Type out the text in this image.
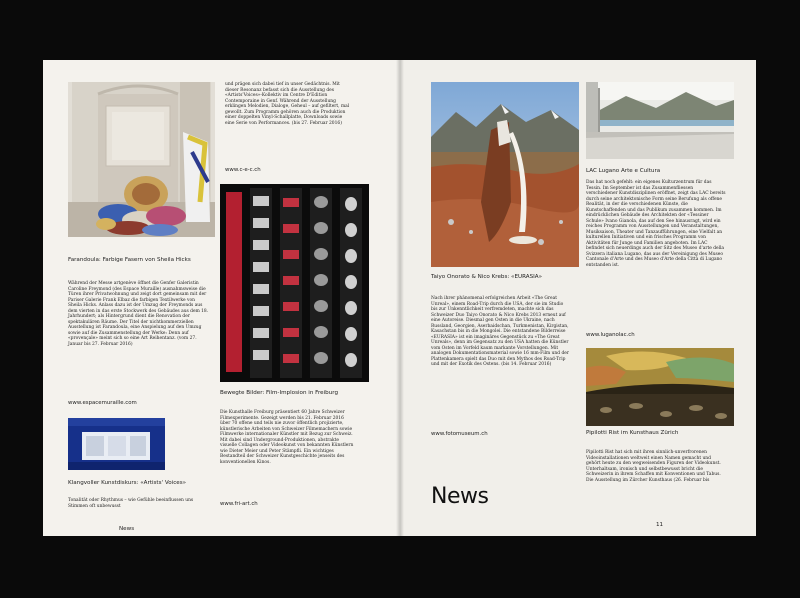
Farandoula: Farbige Fasern von Sheila Hicks
Während der Messe artgenève öffnet die Genfer Galeristin Caroline Freymond (des Espace Muraille) ausnahmsweise die Türen ihrer Privatwohnung und zeigt dort gemeinsam mit der Pariser Galerie Frank Elbaz die farbigen Textilwerke von Sheila Hicks. Anlass dazu ist der Umzug der Freymonds aus dem vierten in das erste Stockwerk des Gebäudes aus dem 18. Jahrhundert; als Hintergrund dient die Renovation der spektakulären Räume. Der Titel der nichtkommerziellen Ausstellung ist Farandoula, eine Anspielung auf den Umzug sowie auf die Zusammenstellung der Werke: Denn auf «provençale» meint sich so eine Art Reihentanz. (vom 27. Januar bis 27. Februar 2016)
www.espacemuraille.com
Klangvoller Kunstdiskurs: «Artists' Voices»
Tonalität oder Rhythmus – wie Gefühle beeinflussen uns Stimmen oft unbewusst
und prägen sich dabei tief in unser Gedächtnis. Mit dieser Resonanz befasst sich die Ausstellung des «Artists'Voices»-Kollektiv im Centre D'Edition Contemporaine in Genf. Während der Ausstellung erklingen Melodien, Dialoge, Geheul – auf gefiltert, mal gewollt. Zum Programm gehören auch die Produktion einer doppelten Vinyl-Schallplatte, Downloads sowie eine Serie von Performances. (bis 27. Februar 2016)
www.c-e-c.ch
Bewegte Bilder: Film-Implosion in Freiburg
Die Kunsthalle Freiburg präsentiert 60 Jahre Schweizer Filmexperimente. Gezeigt werden bis 21. Februar 2016 über 70 offene und teils nie zuvor öffentlich projizierte, künstlerische Arbeiten von Schweizer Filmemachern sowie Filmwerke internationaler Künstler mit Bezug zur Schweiz. Mit dabei sind Underground-Produktionen, abstrakte visuelle Collagen oder Videokunst von bekannten Künstlern wie Dieter Meier und Peter Stämpfli. Ein wichtiges Bestandteil der Schweizer Kunstgeschichte jenseits des konventionellen Kinos.
www.fri-art.ch
News
Taiyo Onorato & Nico Krebs: «EURASIA»
Nach ihrer phänomenal erfolgreichen Arbeit «The Great Unreal», einem Road-Trip durch die USA, der sie im Studio bis zur Unkenntlichkeit verfremdeten, machte sich das Schweizer Duo Taiyo Onorato & Nico Krebs 2013 erneut auf eine Autoreise. Diesmal gen Osten in die Ukraine, nach Russland, Georgien, Aserbaidschan, Turkmenistan, Kirgistan, Kasachstan bis in die Mongolei. Die entstandene Bilderreise «EURASIA» ist ein imaginäres Gegenstück zu «The Great Unreals», denn im Gegensatz zu den USA hatten die Künstler vom Osten im Vorfeld kaum markante Vorstellungen. Mit analogen Dokumentationsmaterial sowie 16 mm-Film und der Plattenkamera spielt das Duo mit den Mythos des Road-Trip und mit der Exotik des Ostens. (bis 14. Februar 2016)
www.fotomuseum.ch
News
LAC Lugano Arte e Cultura
Das hat noch gefehlt: ein eigenes Kulturzentrum für das Tessin. Im September ist das Zusammenfliessen verschiedener Kunstdisziplinen eröffnet, zeigt das LAC bereits durch seine architektonische Form seine Berufung als offene Realität, in der die verschiedenen Künste, die Kunstschaffenden und das Publikum zusammen kommen. Im eindrücklichen Gebäude des Architekten der «Tessiner Schule» Ivano Gianola, das auf den See hinausragt, wird ein reiches Programm von Ausstellungen und Veranstaltungen, Musiksaison, Theater und Tanzaufführungen, eine Vielfalt an kulturellen Initiativen und ein frisches Programm von Aktivitäten für Junge und Familien angeboten. Im LAC befindet sich neuerdings auch der Sitz des Museo d'arte della Svizzera italiana Lugano, das aus der Vereinigung des Museo Cantonale d'Arte und des Museo d'Arte della Città di Lugano entstanden ist.
www.luganolac.ch
Pipilotti Rist im Kunsthaus Zürich
Pipilotti Rist hat sich mit ihren sinnlich-unverfrorenen Videoinstallationen weltweit einen Namen gemacht und gehört heute zu den wegweisenden Figuren der Videokunst. Unterhaltsam, ironisch und selbstbewusst bricht die Schweizerin in ihrem Schaffen mit Konventionen und Tabus. Die Ausstellung im Zürcher Kunsthaus (26. Februar bis
11
